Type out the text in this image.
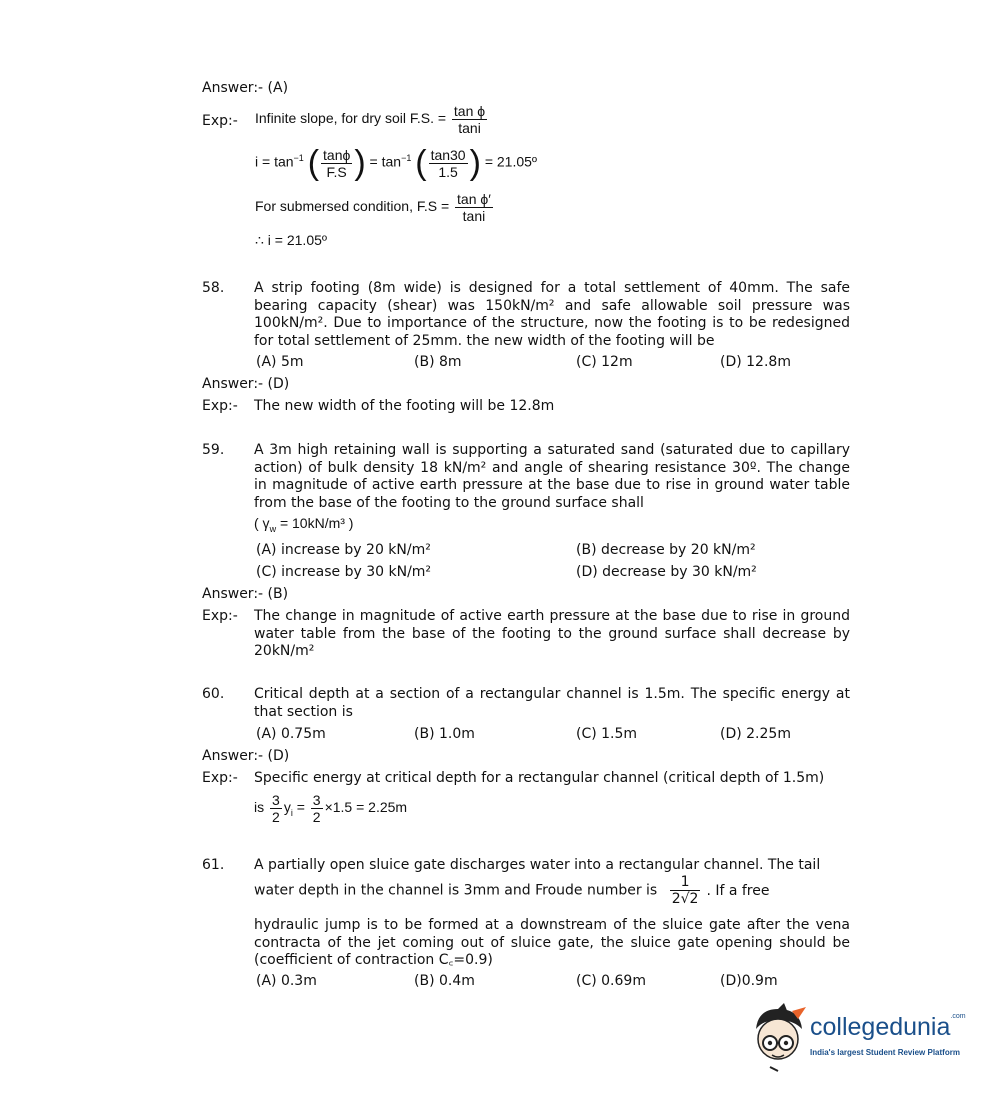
Answer:- (A)
Exp:- Infinite slope, for dry soil F.S. = $\frac{\text{tan ϕ}}{\tan i}$
$i = \tan^{-1}$ ( $\frac{\tan\phi}{F.S}$ ) = $\tan^{-1}$ ( $\frac{\tan 30}{1.5}$ ) = 21.05º
For submersed condition, $F.S = \frac{\text{tan ϕ′}}{\tan i}$
∴ i = 21.05º
58. A strip footing (8m wide) is designed for a total settlement of 40mm. The safe bearing capacity (shear) was 150kN/m² and safe allowable soil pressure was 100kN/m². Due to importance of the structure, now the footing is to be redesigned for total settlement of 25mm. the new width of the footing will be
(A) 5m	(B) 8m	(C) 12m	(D) 12.8m
Answer:- (D)
Exp:- The new width of the footing will be 12.8m
59. A 3m high retaining wall is supporting a saturated sand (saturated due to capillary action) of bulk density 18 kN/m² and angle of shearing resistance 30º. The change in magnitude of active earth pressure at the base due to rise in ground water table from the base of the footing to the ground surface shall
( $\gamma_w = 10kN/m^3$ )
(A) increase by 20 kN/m²	(B) decrease by 20 kN/m²
(C) increase by 30 kN/m²	(D) decrease by 30 kN/m²
Answer:- (B)
Exp:- The change in magnitude of active earth pressure at the base due to rise in ground water table from the base of the footing to the ground surface shall decrease by 20kN/m²
60. Critical depth at a section of a rectangular channel is 1.5m. The specific energy at that section is
(A) 0.75m	(B) 1.0m	(C) 1.5m	(D) 2.25m
Answer:- (D)
Exp:- Specific energy at critical depth for a rectangular channel (critical depth of 1.5m)
is $\frac{3}{2} y_i = \frac{3}{2} \times 1.5 = 2.25m$
61. A partially open sluice gate discharges water into a rectangular channel. The tail
water depth in the channel is 3mm and Froude number is $\frac{1}{2√2}$ . If a free
hydraulic jump is to be formed at a downstream of the sluice gate after the vena contracta of the jet coming out of sluice gate, the sluice gate opening should be (coefficient of contraction C꜀=0.9)
(A) 0.3m	(B) 0.4m	(C) 0.69m	(D)0.9m
collegedunia$^{.com}$
India's largest Student Review Platform
